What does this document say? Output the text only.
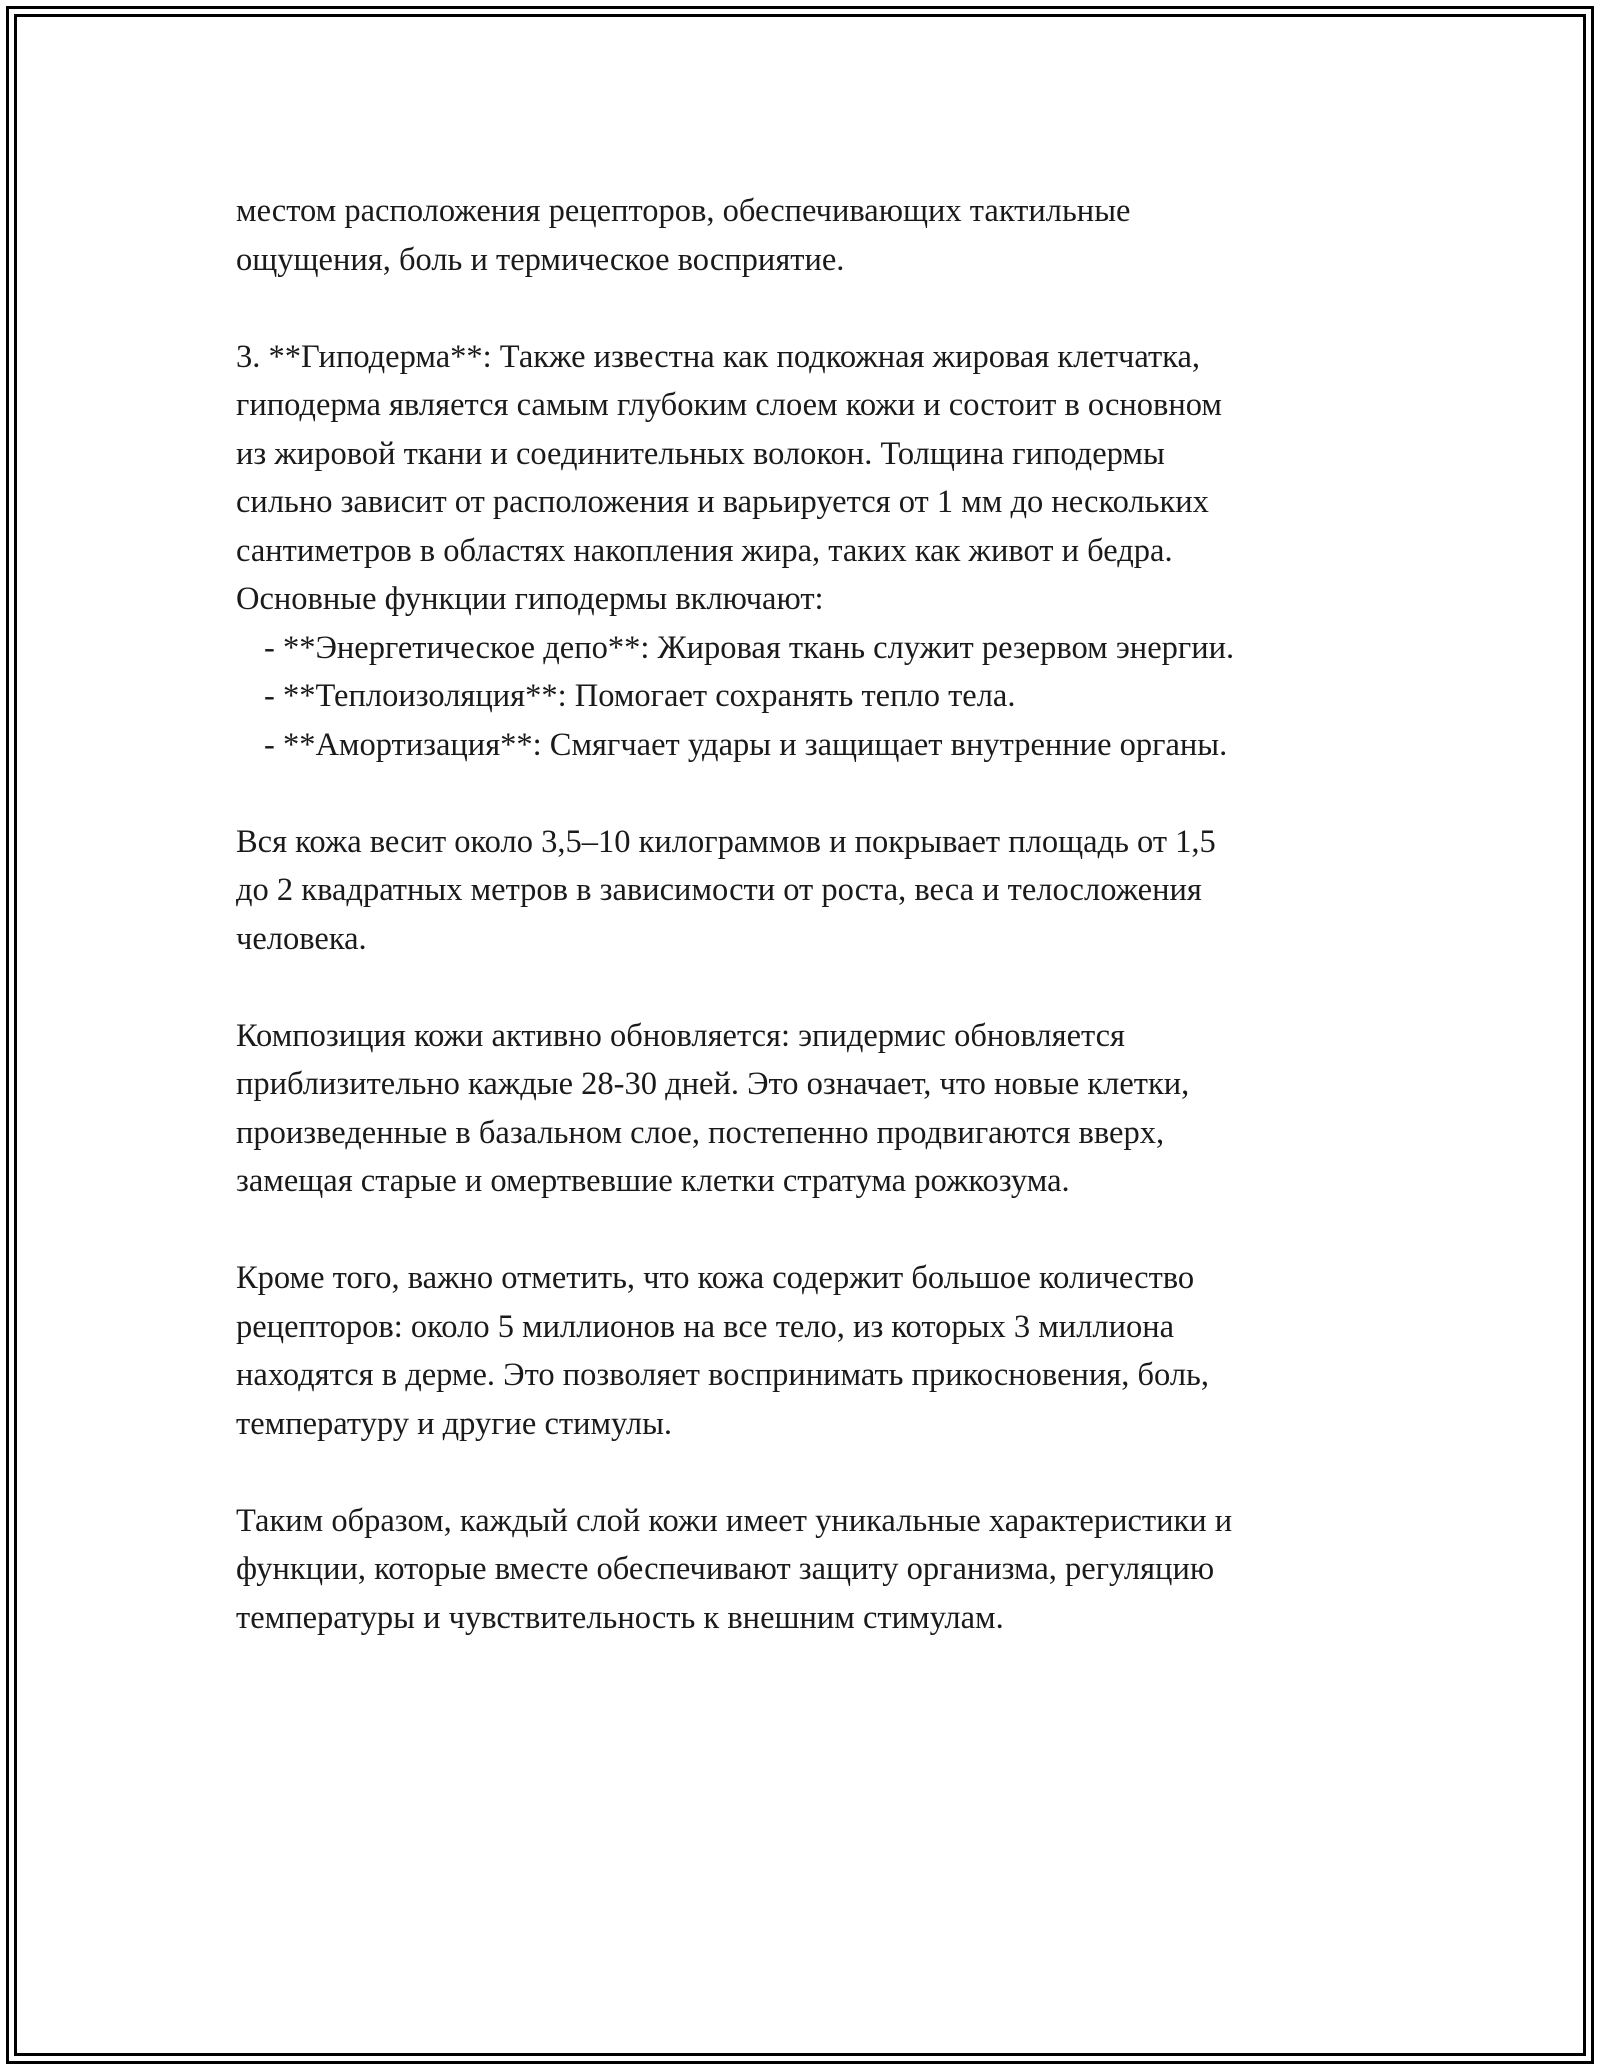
местом расположения рецепторов, обеспечивающих тактильные
ощущения, боль и термическое восприятие.
3. **Гиподерма**: Также известна как подкожная жировая клетчатка,
гиподерма является самым глубоким слоем кожи и состоит в основном
из жировой ткани и соединительных волокон. Толщина гиподермы
сильно зависит от расположения и варьируется от 1 мм до нескольких
сантиметров в областях накопления жира, таких как живот и бедра.
Основные функции гиподермы включают:
- **Энергетическое депо**: Жировая ткань служит резервом энергии.
- **Теплоизоляция**: Помогает сохранять тепло тела.
- **Амортизация**: Смягчает удары и защищает внутренние органы.
Вся кожа весит около 3,5–10 килограммов и покрывает площадь от 1,5
до 2 квадратных метров в зависимости от роста, веса и телосложения
человека.
Композиция кожи активно обновляется: эпидермис обновляется
приблизительно каждые 28-30 дней. Это означает, что новые клетки,
произведенные в базальном слое, постепенно продвигаются вверх,
замещая старые и омертвевшие клетки стратума рожкозума.
Кроме того, важно отметить, что кожа содержит большое количество
рецепторов: около 5 миллионов на все тело, из которых 3 миллиона
находятся в дерме. Это позволяет воспринимать прикосновения, боль,
температуру и другие стимулы.
Таким образом, каждый слой кожи имеет уникальные характеристики и
функции, которые вместе обеспечивают защиту организма, регуляцию
температуры и чувствительность к внешним стимулам.
